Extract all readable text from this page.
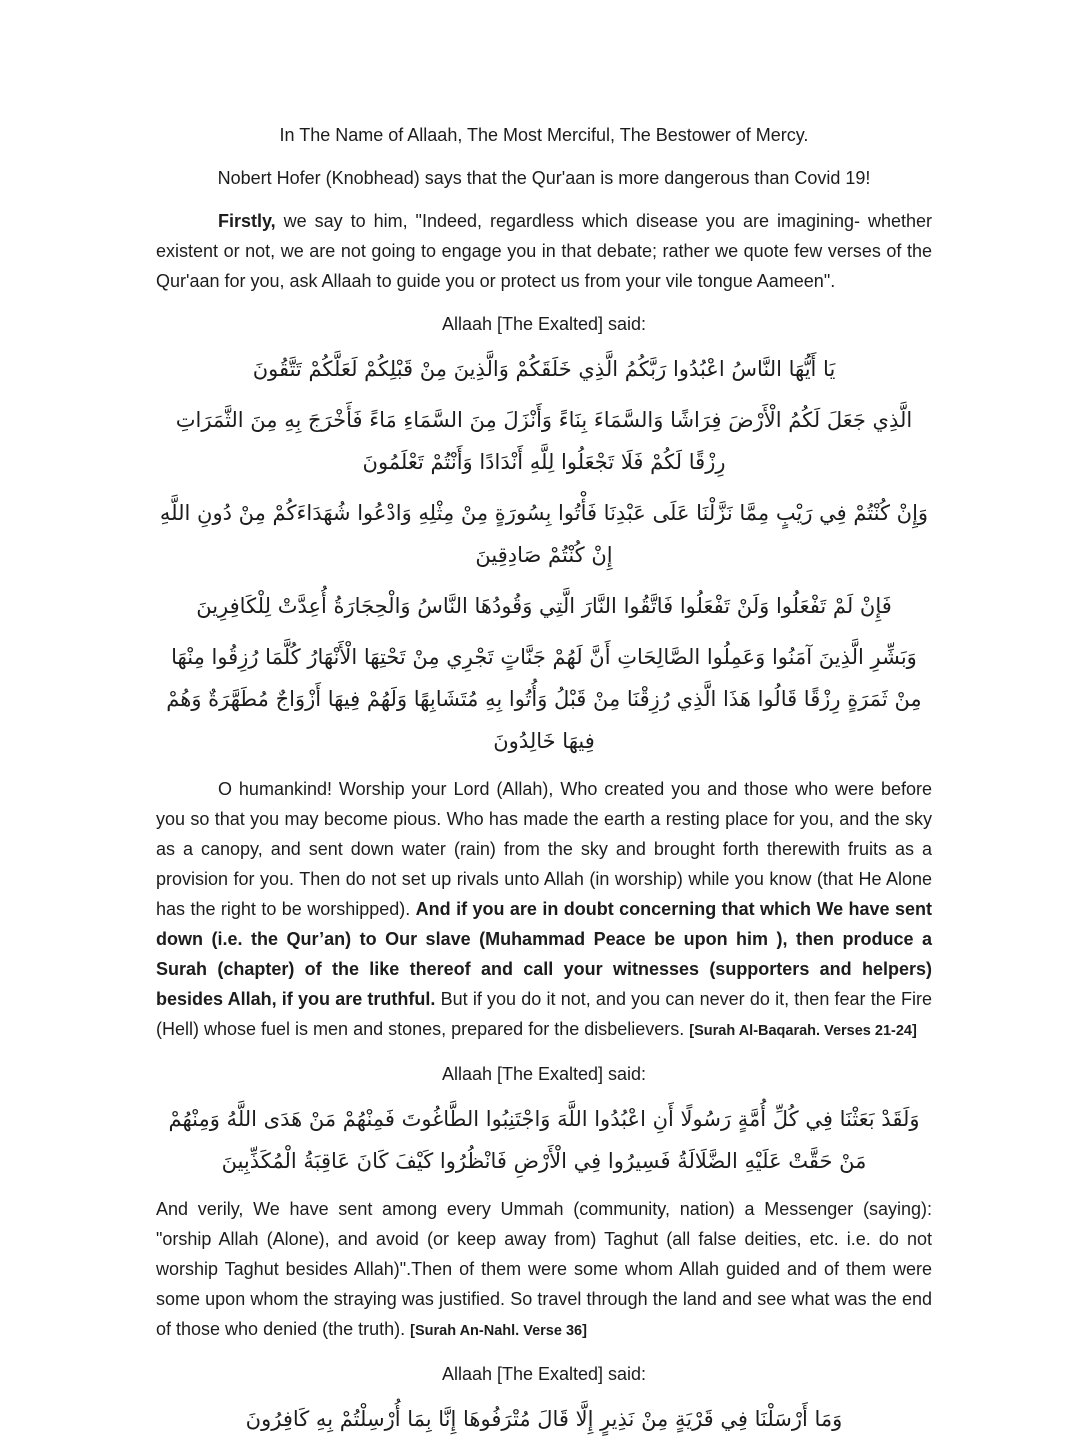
In The Name of Allaah, The Most Merciful, The Bestower of Mercy.
Nobert Hofer (Knobhead) says that the Qur'aan is more dangerous than Covid 19!

Firstly, we say to him, "Indeed, regardless which disease you are imagining- whether existent or not, we are not going to engage you in that debate; rather we quote few verses of the Qur'aan for you, ask Allaah to guide you or protect us from your vile tongue Aameen".

Allaah [The Exalted] said:
يَا أَيُّهَا النَّاسُ اعْبُدُوا رَبَّكُمُ الَّذِي خَلَقَكُمْ وَالَّذِينَ مِنْ قَبْلِكُمْ لَعَلَّكُمْ تَتَّقُونَ
الَّذِي جَعَلَ لَكُمُ الْأَرْضَ فِرَاشًا وَالسَّمَاءَ بِنَاءً وَأَنْزَلَ مِنَ السَّمَاءِ مَاءً فَأَخْرَجَ بِهِ مِنَ الثَّمَرَاتِ رِزْقًا لَكُمْ فَلَا تَجْعَلُوا لِلَّهِ أَنْدَادًا وَأَنْتُمْ تَعْلَمُونَ
وَإِنْ كُنْتُمْ فِي رَيْبٍ مِمَّا نَزَّلْنَا عَلَى عَبْدِنَا فَأْتُوا بِسُورَةٍ مِنْ مِثْلِهِ وَادْعُوا شُهَدَاءَكُمْ مِنْ دُونِ اللَّهِ إِنْ كُنْتُمْ صَادِقِينَ
فَإِنْ لَمْ تَفْعَلُوا وَلَنْ تَفْعَلُوا فَاتَّقُوا النَّارَ الَّتِي وَقُودُهَا النَّاسُ وَالْحِجَارَةُ أُعِدَّتْ لِلْكَافِرِينَ
وَبَشِّرِ الَّذِينَ آمَنُوا وَعَمِلُوا الصَّالِحَاتِ أَنَّ لَهُمْ جَنَّاتٍ تَجْرِي مِنْ تَحْتِهَا الْأَنْهَارُ كُلَّمَا رُزِقُوا مِنْهَا مِنْ ثَمَرَةٍ رِزْقًا قَالُوا هَذَا الَّذِي رُزِقْنَا مِنْ قَبْلُ وَأُتُوا بِهِ مُتَشَابِهًا وَلَهُمْ فِيهَا أَزْوَاجٌ مُطَهَّرَةٌ وَهُمْ فِيهَا خَالِدُونَ

O humankind! Worship your Lord (Allah), Who created you and those who were before you so that you may become pious. Who has made the earth a resting place for you, and the sky as a canopy, and sent down water (rain) from the sky and brought forth therewith fruits as a provision for you. Then do not set up rivals unto Allah (in worship) while you know (that He Alone has the right to be worshipped). And if you are in doubt concerning that which We have sent down (i.e. the Qur’an) to Our slave (Muhammad Peace be upon him ), then produce a Surah (chapter) of the like thereof and call your witnesses (supporters and helpers) besides Allah, if you are truthful. But if you do it not, and you can never do it, then fear the Fire (Hell) whose fuel is men and stones, prepared for the disbelievers. [Surah Al-Baqarah. Verses 21-24]

Allaah [The Exalted] said:
وَلَقَدْ بَعَثْنَا فِي كُلِّ أُمَّةٍ رَسُولًا أَنِ اعْبُدُوا اللَّهَ وَاجْتَنِبُوا الطَّاغُوتَ فَمِنْهُمْ مَنْ هَدَى اللَّهُ وَمِنْهُمْ مَنْ حَقَّتْ عَلَيْهِ الضَّلَالَةُ فَسِيرُوا فِي الْأَرْضِ فَانْظُرُوا كَيْفَ كَانَ عَاقِبَةُ الْمُكَذِّبِينَ

And verily, We have sent among every Ummah (community, nation) a Messenger (saying): "orship Allah (Alone), and avoid (or keep away from) Taghut (all false deities, etc. i.e. do not worship Taghut besides Allah)".Then of them were some whom Allah guided and of them were some upon whom the straying was justified. So travel through the land and see what was the end of those who denied (the truth). [Surah An-Nahl. Verse 36]

Allaah [The Exalted] said:
وَمَا أَرْسَلْنَا فِي قَرْيَةٍ مِنْ نَذِيرٍ إِلَّا قَالَ مُتْرَفُوهَا إِنَّا بِمَا أُرْسِلْتُمْ بِهِ كَافِرُونَ
